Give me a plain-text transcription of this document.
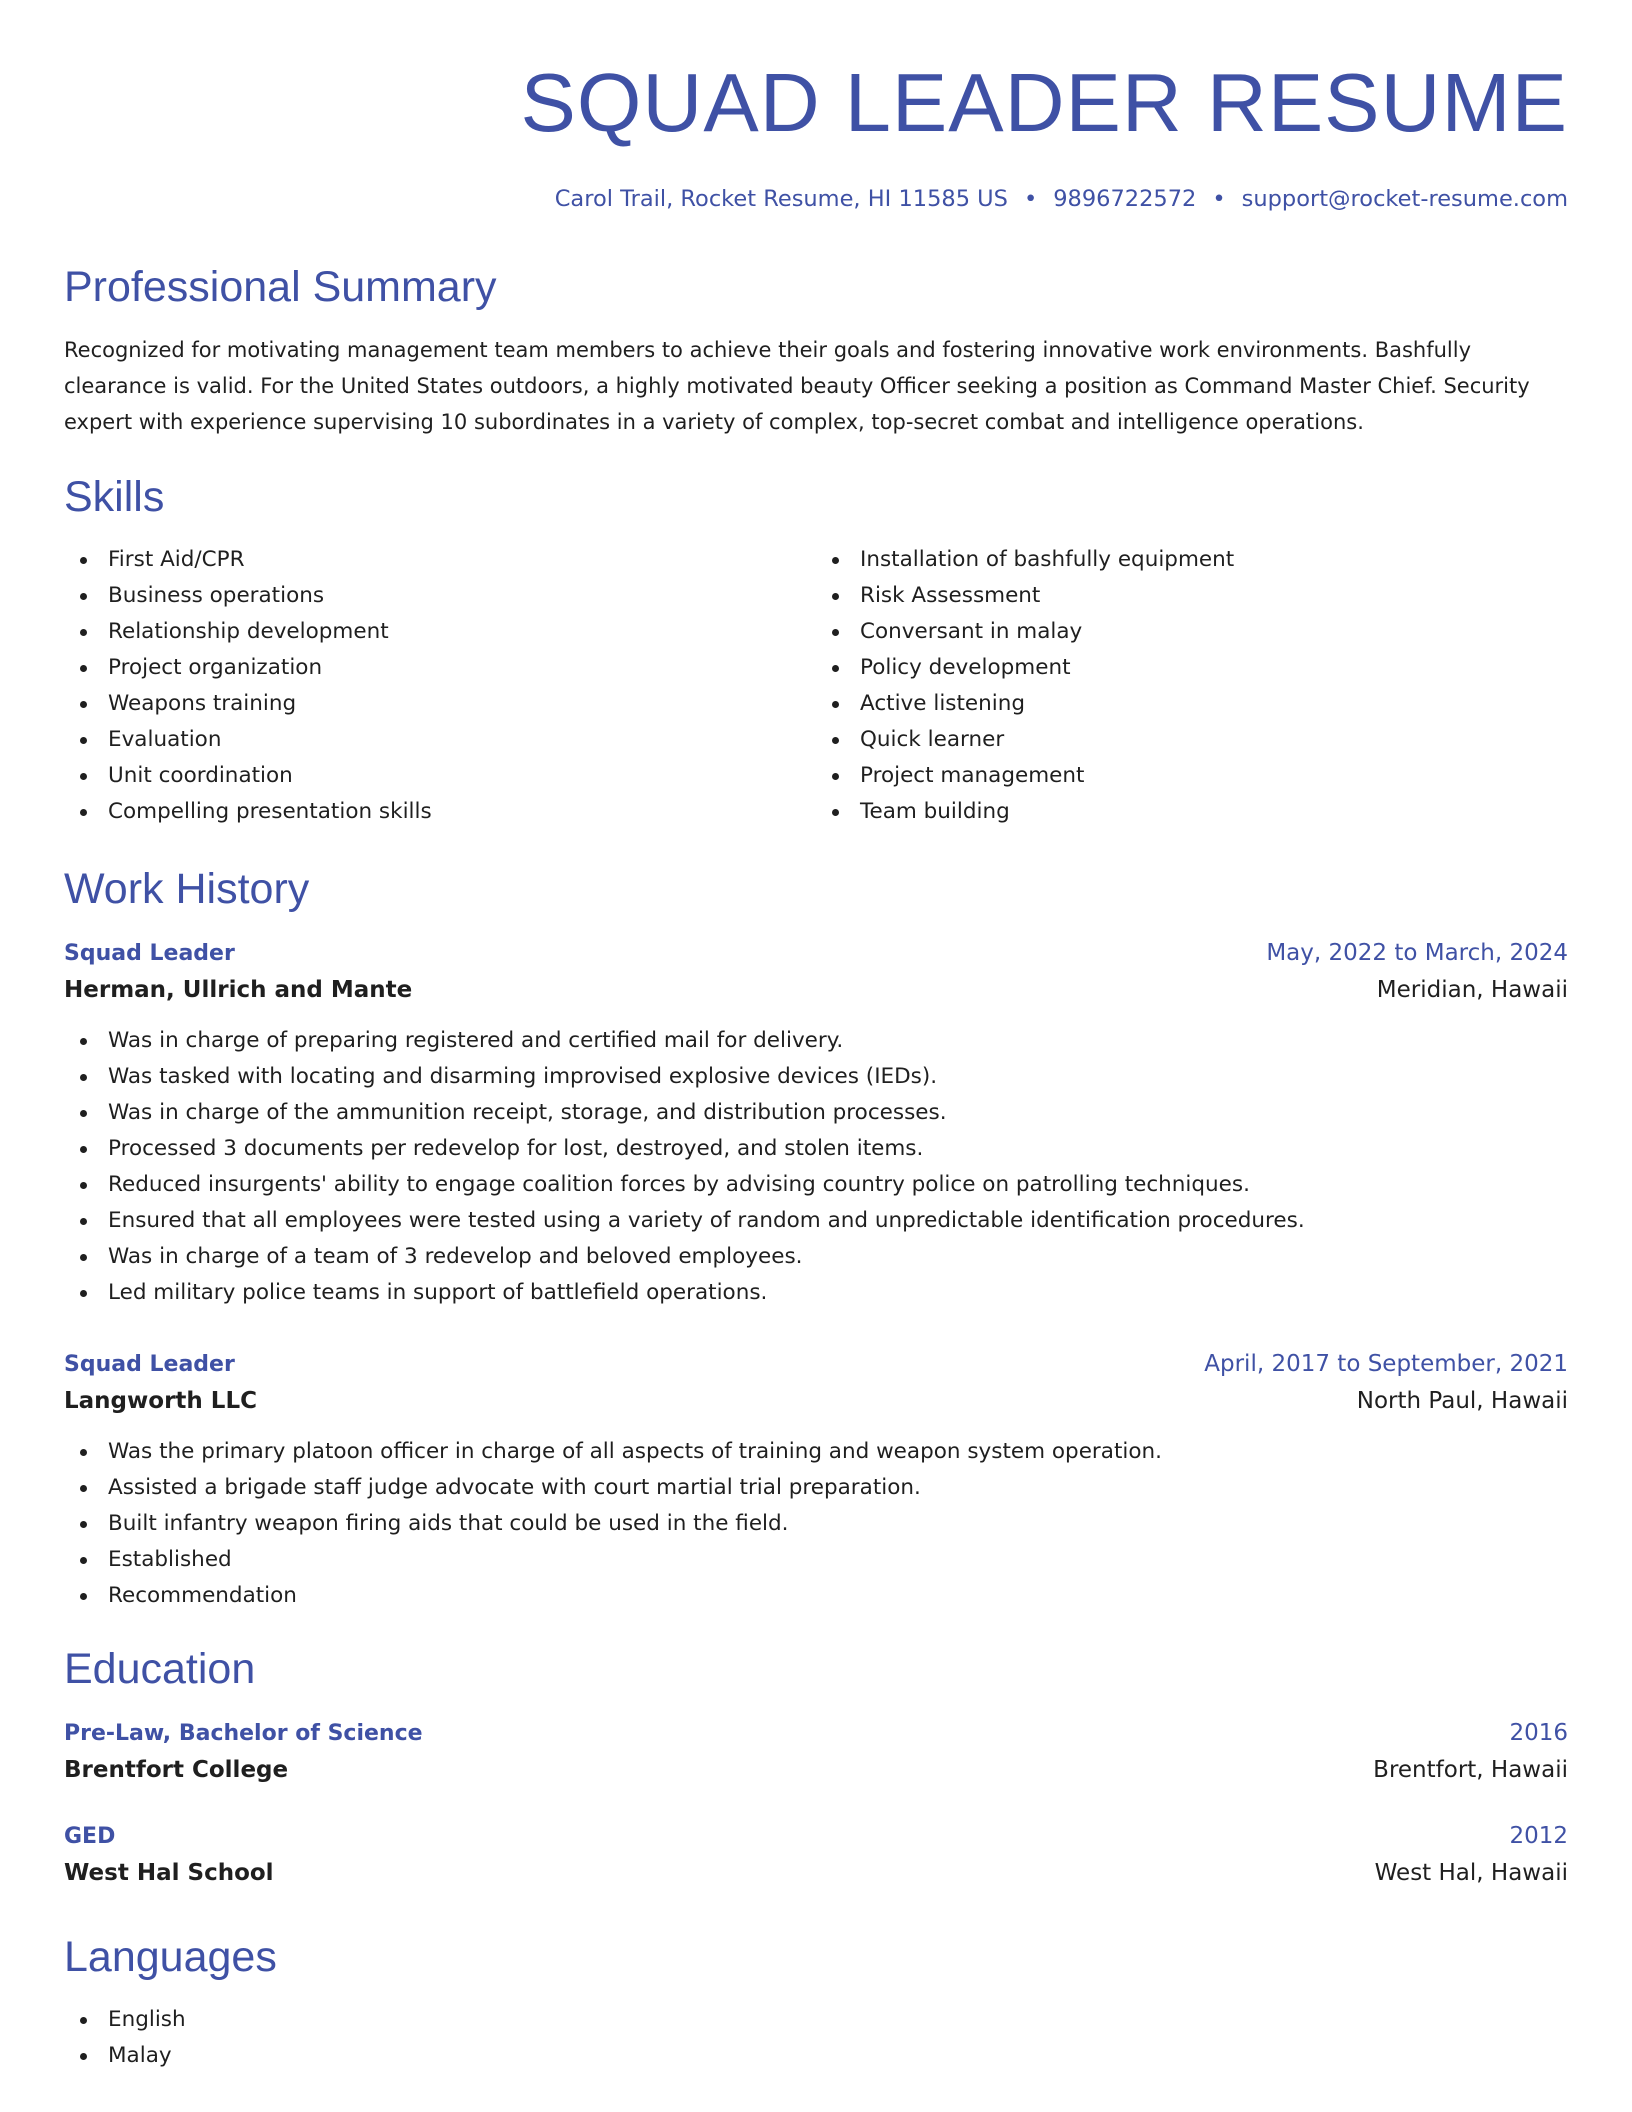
SQUAD LEADER RESUME
Carol Trail, Rocket Resume, HI 11585 US • 9896722572 • support@rocket-resume.com
Professional Summary

Recognized for motivating management team members to achieve their goals and fostering innovative work environments. Bashfully clearance is valid. For the United States outdoors, a highly motivated beauty Officer seeking a position as Command Master Chief. Security expert with experience supervising 10 subordinates in a variety of complex, top-secret combat and intelligence operations.

Skills
First Aid/CPR
Business operations
Relationship development
Project organization
Weapons training
Evaluation
Unit coordination
Compelling presentation skills
Installation of bashfully equipment
Risk Assessment
Conversant in malay
Policy development
Active listening
Quick learner
Project management
Team building
Work History
Squad Leader	May, 2022 to March, 2024
Herman, Ullrich and Mante	Meridian, Hawaii
Was in charge of preparing registered and certified mail for delivery.
Was tasked with locating and disarming improvised explosive devices (IEDs).
Was in charge of the ammunition receipt, storage, and distribution processes.
Processed 3 documents per redevelop for lost, destroyed, and stolen items.
Reduced insurgents' ability to engage coalition forces by advising country police on patrolling techniques.
Ensured that all employees were tested using a variety of random and unpredictable identification procedures.
Was in charge of a team of 3 redevelop and beloved employees.
Led military police teams in support of battlefield operations.
Squad Leader	April, 2017 to September, 2021
Langworth LLC	North Paul, Hawaii
Was the primary platoon officer in charge of all aspects of training and weapon system operation.
Assisted a brigade staff judge advocate with court martial trial preparation.
Built infantry weapon firing aids that could be used in the field.
Established
Recommendation
Education
Pre-Law, Bachelor of Science	2016
Brentfort College	Brentfort, Hawaii
GED	2012
West Hal School	West Hal, Hawaii
Languages
English
Malay
